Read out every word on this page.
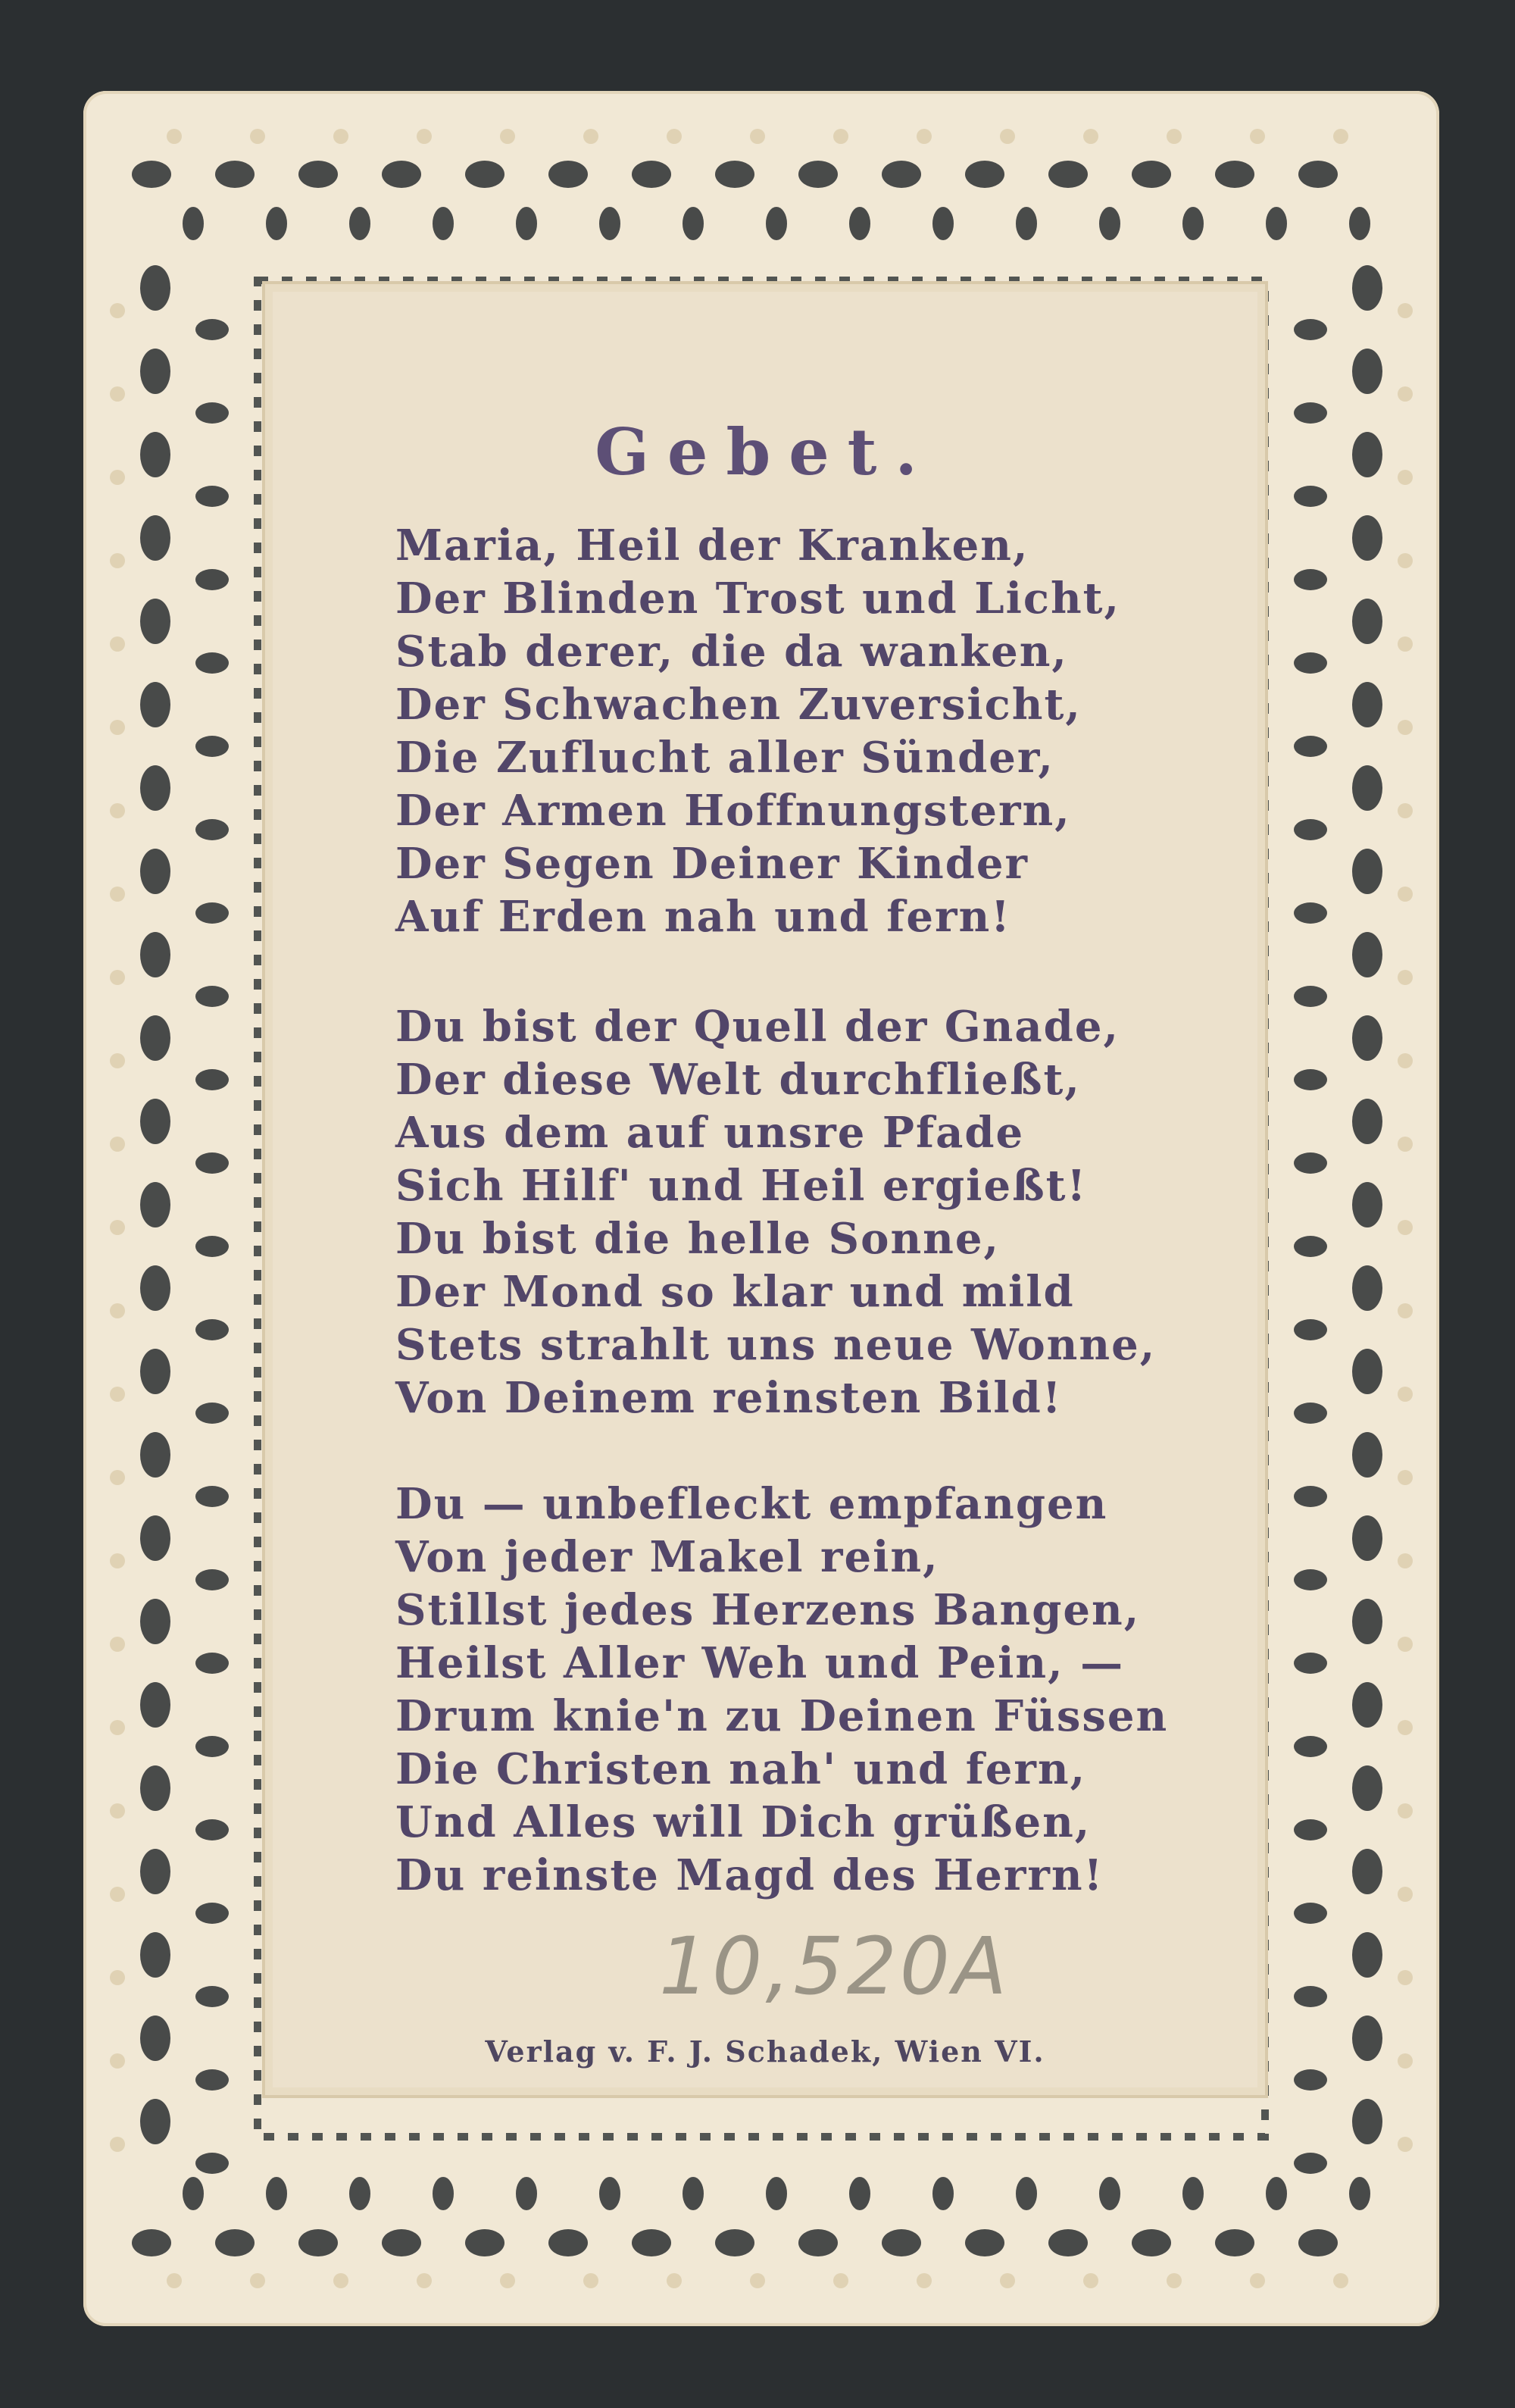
Gebet.
Maria, Heil der Kranken,
Der Blinden Trost und Licht,
Stab derer, die da wanken,
Der Schwachen Zuversicht,
Die Zuflucht aller Sünder,
Der Armen Hoffnungstern,
Der Segen Deiner Kinder
Auf Erden nah und fern!
Du bist der Quell der Gnade,
Der diese Welt durchfließt,
Aus dem auf unsre Pfade
Sich Hilf' und Heil ergießt!
Du bist die helle Sonne,
Der Mond so klar und mild
Stets strahlt uns neue Wonne,
Von Deinem reinsten Bild!
Du — unbefleckt empfangen
Von jeder Makel rein,
Stillst jedes Herzens Bangen,
Heilst Aller Weh und Pein, —
Drum knie'n zu Deinen Füssen
Die Christen nah' und fern,
Und Alles will Dich grüßen,
Du reinste Magd des Herrn!
10,520A
Verlag v. F. J. Schadek, Wien VI.
